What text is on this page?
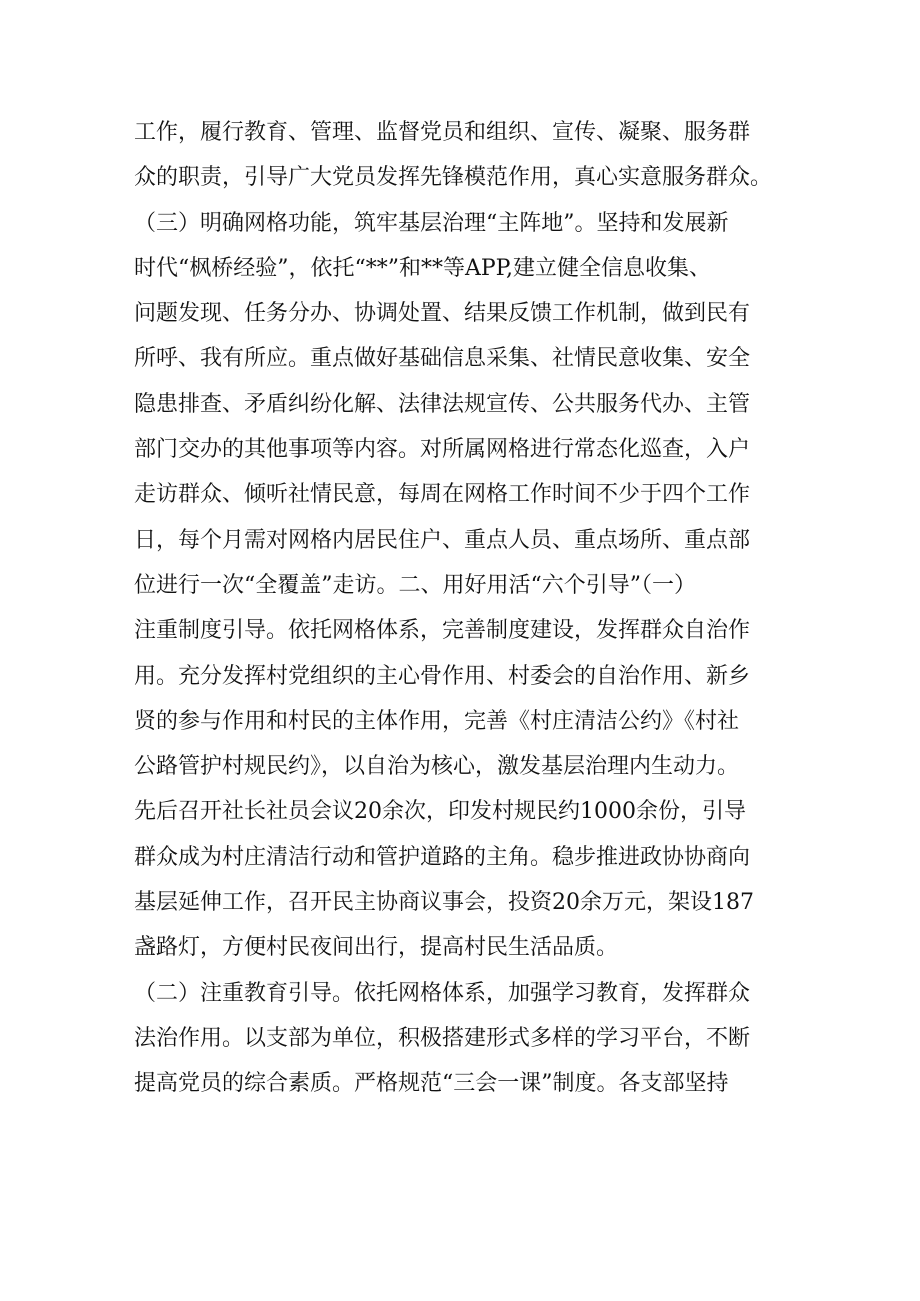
工作，履行教育、管理、监督党员和组织、宣传、凝聚、服务群
众的职责，引导广大党员发挥先锋模范作用，真心实意服务群众。
（三）明确网格功能，筑牢基层治理“主阵地”。坚持和发展新
时代“枫桥经验”，依托“**”和**等APP,建立健全信息收集、
问题发现、任务分办、协调处置、结果反馈工作机制，做到民有
所呼、我有所应。重点做好基础信息采集、社情民意收集、安全
隐患排查、矛盾纠纷化解、法律法规宣传、公共服务代办、主管
部门交办的其他事项等内容。对所属网格进行常态化巡查，入户
走访群众、倾听社情民意，每周在网格工作时间不少于四个工作
日，每个月需对网格内居民住户、重点人员、重点场所、重点部
位进行一次“全覆盖”走访。二、用好用活“六个引导”（一）
注重制度引导。依托网格体系，完善制度建设，发挥群众自治作
用。充分发挥村党组织的主心骨作用、村委会的自治作用、新乡
贤的参与作用和村民的主体作用，完善《村庄清洁公约》《村社
公路管护村规民约》，以自治为核心，激发基层治理内生动力。
先后召开社长社员会议20余次，印发村规民约1000余份，引导
群众成为村庄清洁行动和管护道路的主角。稳步推进政协协商向
基层延伸工作，召开民主协商议事会，投资20余万元，架设187
盏路灯，方便村民夜间出行，提高村民生活品质。
（二）注重教育引导。依托网格体系，加强学习教育，发挥群众
法治作用。以支部为单位，积极搭建形式多样的学习平台，不断
提高党员的综合素质。严格规范“三会一课”制度。各支部坚持
